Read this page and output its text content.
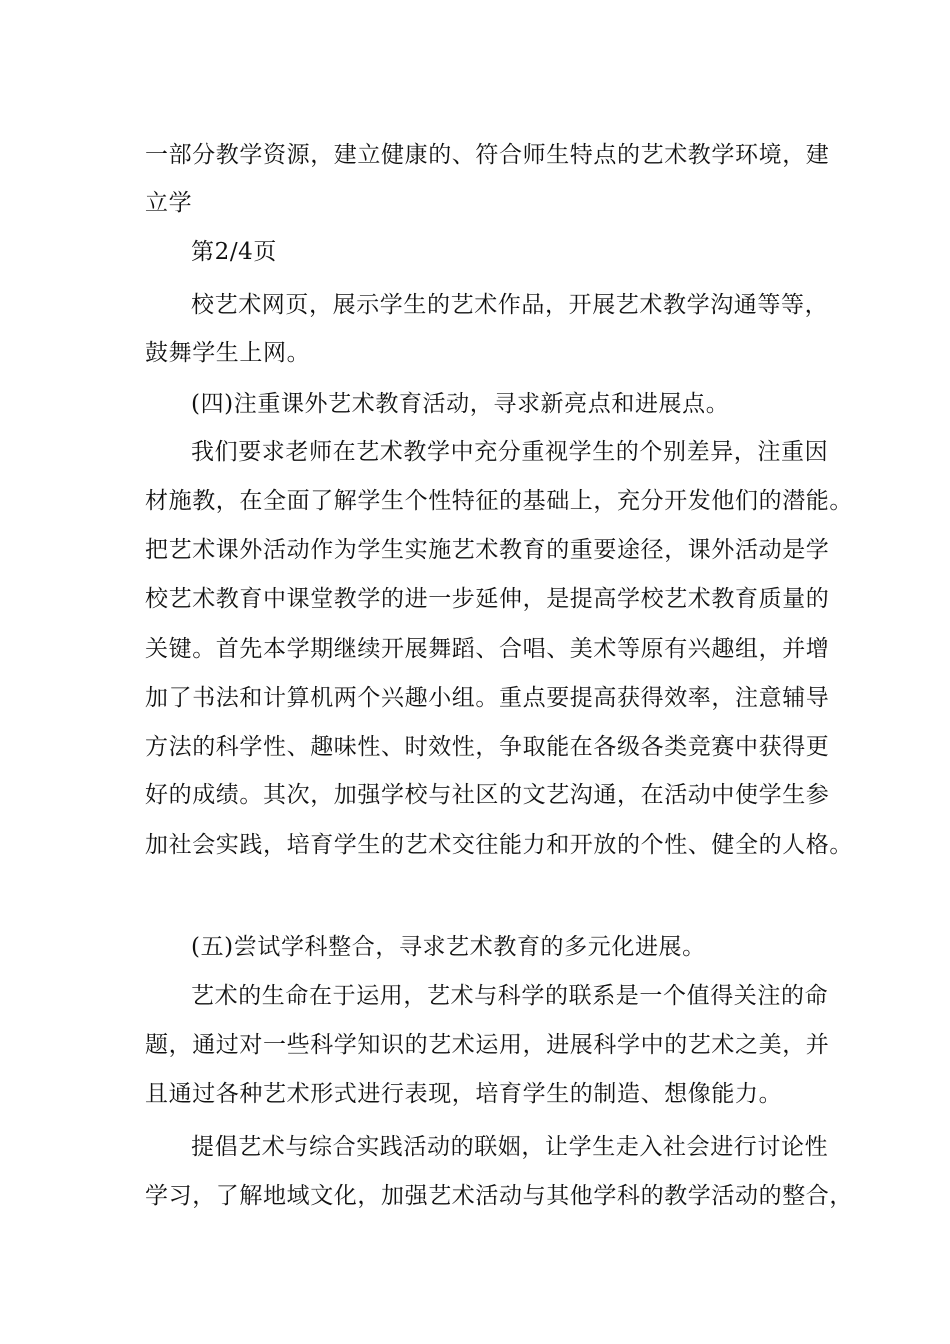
一部分教学资源，建立健康的、符合师生特点的艺术教学环境，建
立学
第2/4页
校艺术网页，展示学生的艺术作品，开展艺术教学沟通等等，
鼓舞学生上网。
(四)注重课外艺术教育活动，寻求新亮点和进展点。
我们要求老师在艺术教学中充分重视学生的个别差异，注重因
材施教，在全面了解学生个性特征的基础上，充分开发他们的潜能。
把艺术课外活动作为学生实施艺术教育的重要途径，课外活动是学
校艺术教育中课堂教学的进一步延伸，是提高学校艺术教育质量的
关键。首先本学期继续开展舞蹈、合唱、美术等原有兴趣组，并增
加了书法和计算机两个兴趣小组。重点要提高获得效率，注意辅导
方法的科学性、趣味性、时效性，争取能在各级各类竞赛中获得更
好的成绩。其次，加强学校与社区的文艺沟通，在活动中使学生参
加社会实践，培育学生的艺术交往能力和开放的个性、健全的人格。
(五)尝试学科整合，寻求艺术教育的多元化进展。
艺术的生命在于运用，艺术与科学的联系是一个值得关注的命
题，通过对一些科学知识的艺术运用，进展科学中的艺术之美，并
且通过各种艺术形式进行表现，培育学生的制造、想像能力。
提倡艺术与综合实践活动的联姻，让学生走入社会进行讨论性
学习，了解地域文化，加强艺术活动与其他学科的教学活动的整合，
